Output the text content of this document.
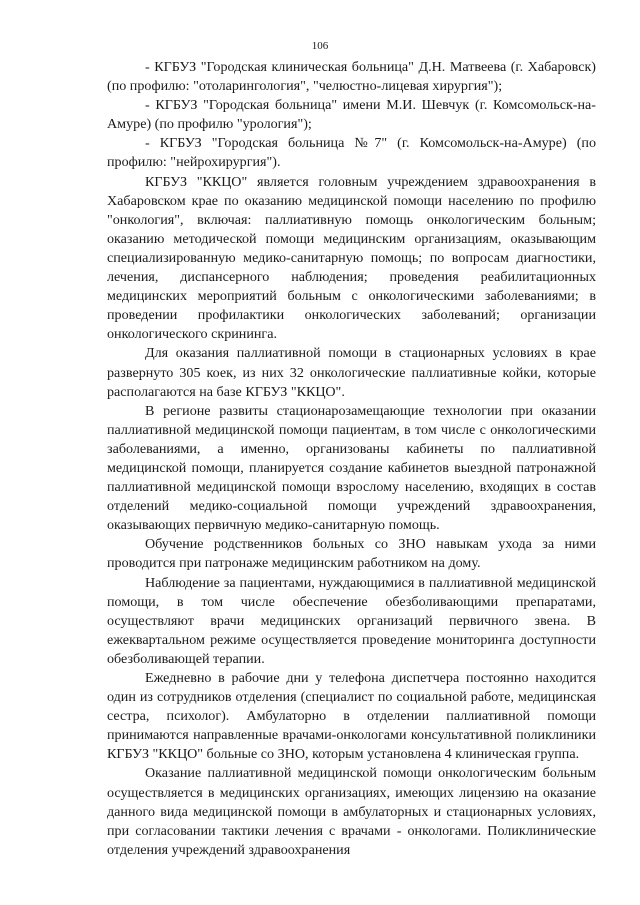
106

- КГБУЗ "Городская клиническая больница" Д.Н. Матвеева (г. Хабаровск) (по профилю: "отоларингология", "челюстно-лицевая хирургия");

- КГБУЗ "Городская больница" имени М.И. Шевчук (г. Комсомольск-на-Амуре) (по профилю "урология");

- КГБУЗ "Городская больница №7" (г. Комсомольск-на-Амуре) (по профилю: "нейрохирургия").

КГБУЗ "ККЦО" является головным учреждением здравоохранения в Хабаровском крае по оказанию медицинской помощи населению по профилю "онкология", включая: паллиативную помощь онкологическим больным; оказанию методической помощи медицинским организациям, оказывающим специализированную медико-санитарную помощь; по вопросам диагностики, лечения, диспансерного наблюдения; проведения реабилитационных медицинских мероприятий больным с онкологическими заболеваниями; в проведении профилактики онкологических заболеваний; организации онкологического скрининга.

Для оказания паллиативной помощи в стационарных условиях в крае развернуто 305 коек, из них 32 онкологические паллиативные койки, которые располагаются на базе КГБУЗ "ККЦО".

В регионе развиты стационарозамещающие технологии при оказании паллиативной медицинской помощи пациентам, в том числе с онкологическими заболеваниями, а именно, организованы кабинеты по паллиативной медицинской помощи, планируется создание кабинетов выездной патронажной паллиативной медицинской помощи взрослому населению, входящих в состав отделений медико-социальной помощи учреждений здравоохранения, оказывающих первичную медико-санитарную помощь.

Обучение родственников больных со ЗНО навыкам ухода за ними проводится при патронаже медицинским работником на дому.

Наблюдение за пациентами, нуждающимися в паллиативной медицинской помощи, в том числе обеспечение обезболивающими препаратами, осуществляют врачи медицинских организаций первичного звена. В ежеквартальном режиме осуществляется проведение мониторинга доступности обезболивающей терапии.

Ежедневно в рабочие дни у телефона диспетчера постоянно находится один из сотрудников отделения (специалист по социальной работе, медицинская сестра, психолог). Амбулаторно в отделении паллиативной помощи принимаются направленные врачами-онкологами консультативной поликлиники КГБУЗ "ККЦО" больные со ЗНО, которым установлена 4 клиническая группа.

Оказание паллиативной медицинской помощи онкологическим больным осуществляется в медицинских организациях, имеющих лицензию на оказание данного вида медицинской помощи в амбулаторных и стационарных условиях, при согласовании тактики лечения с врачами - онкологами. Поликлинические отделения учреждений здравоохранения
